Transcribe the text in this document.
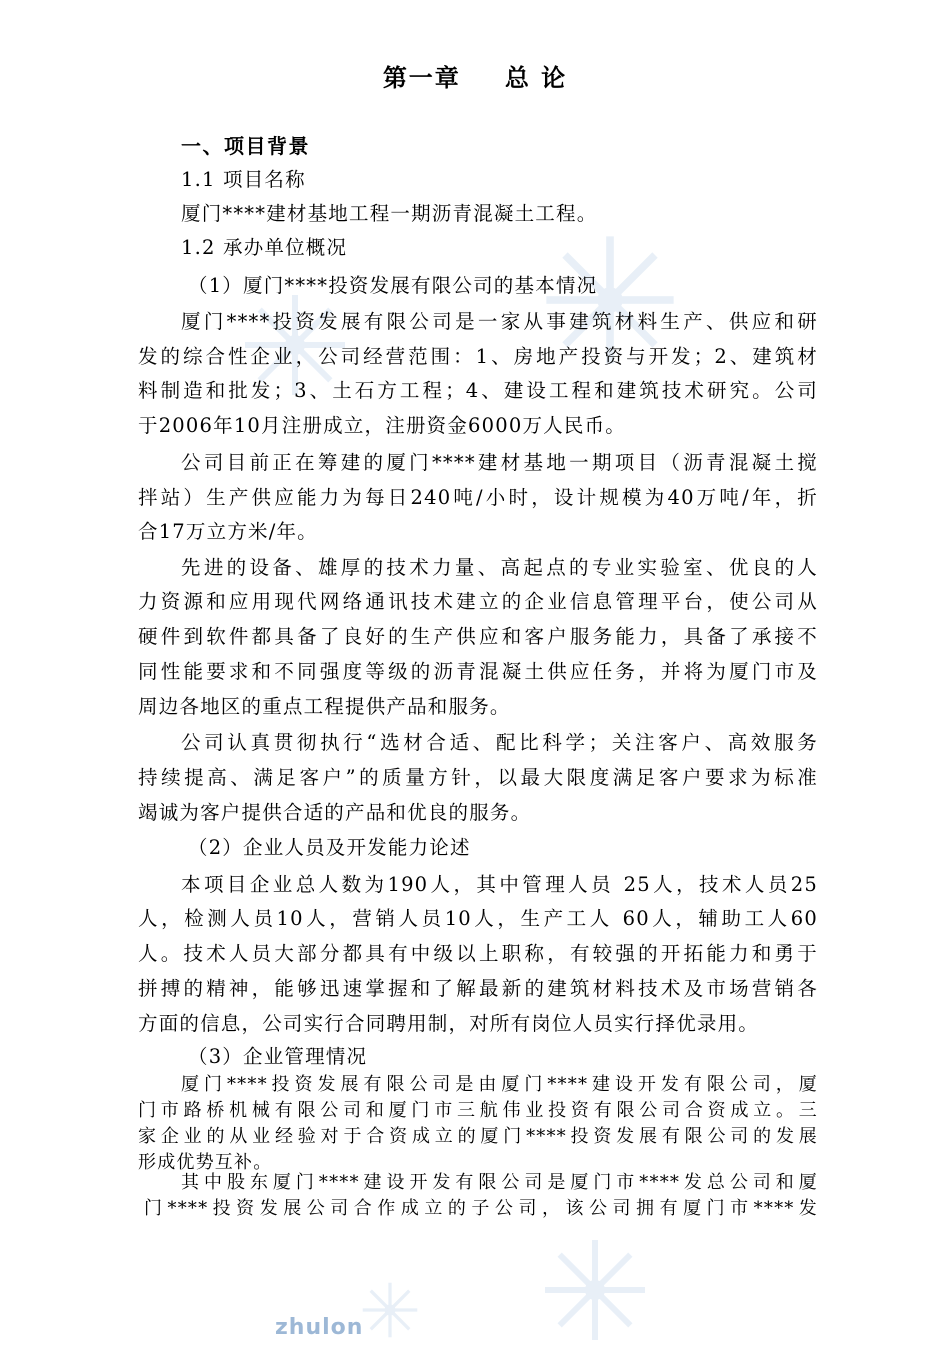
zhulon
第一章 总 论
一、项目背景
1.1 项目名称
厦门****建材基地工程一期沥青混凝土工程。
1.2 承办单位概况
（1）厦门****投资发展有限公司的基本情况
厦门****投资发展有限公司是一家从事建筑材料生产、供应和研
发的综合性企业，公司经营范围：1、房地产投资与开发；2、建筑材
料制造和批发；3、土石方工程；4、建设工程和建筑技术研究。公司
于2006年10月注册成立，注册资金6000万人民币。
公司目前正在筹建的厦门****建材基地一期项目（沥青混凝土搅
拌站）生产供应能力为每日240吨/小时，设计规模为40万吨/年，折
合17万立方米/年。
先进的设备、雄厚的技术力量、高起点的专业实验室、优良的人
力资源和应用现代网络通讯技术建立的企业信息管理平台，使公司从
硬件到软件都具备了良好的生产供应和客户服务能力，具备了承接不
同性能要求和不同强度等级的沥青混凝土供应任务，并将为厦门市及
周边各地区的重点工程提供产品和服务。
公司认真贯彻执行“选材合适、配比科学；关注客户、高效服务
持续提高、满足客户”的质量方针，以最大限度满足客户要求为标准
竭诚为客户提供合适的产品和优良的服务。
（2）企业人员及开发能力论述
本项目企业总人数为190人，其中管理人员 25人，技术人员25
人，检测人员10人，营销人员10人，生产工人 60人，辅助工人60
人。技术人员大部分都具有中级以上职称，有较强的开拓能力和勇于
拼搏的精神，能够迅速掌握和了解最新的建筑材料技术及市场营销各
方面的信息，公司实行合同聘用制，对所有岗位人员实行择优录用。
（3）企业管理情况
厦门****投资发展有限公司是由厦门****建设开发有限公司，厦
门市路桥机械有限公司和厦门市三航伟业投资有限公司合资成立。三
家企业的从业经验对于合资成立的厦门****投资发展有限公司的发展
形成优势互补。
其中股东厦门****建设开发有限公司是厦门市****发总公司和厦
门****投资发展公司合作成立的子公司，该公司拥有厦门市****发
